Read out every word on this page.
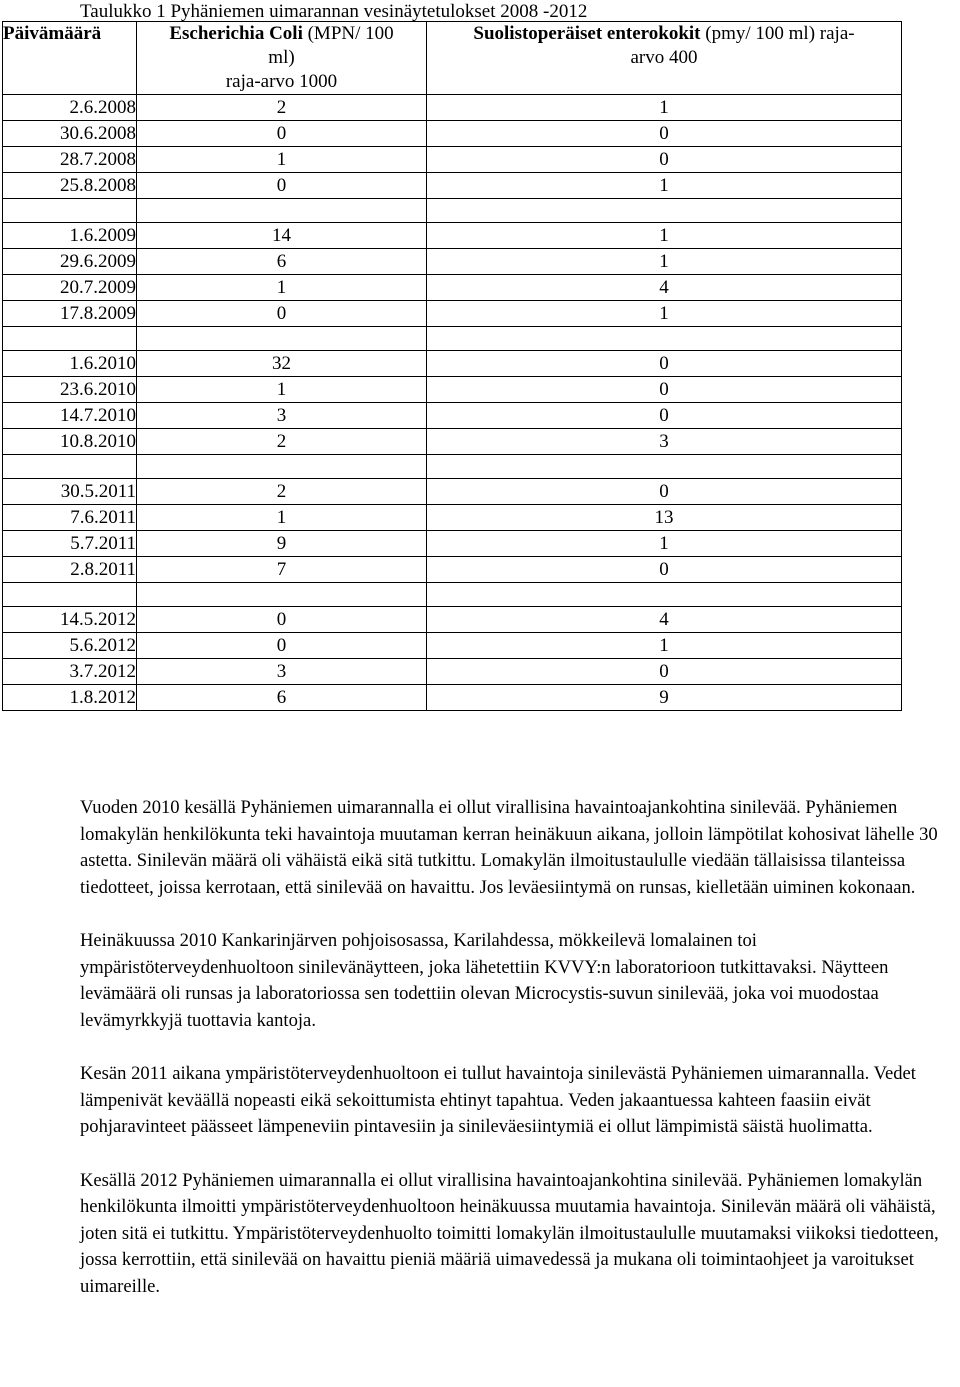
Taulukko 1 Pyhäniemen uimarannan vesinäytetulokset 2008 -2012
Päivämäärä	Escherichia Coli (MPN/ 100
ml)
raja-arvo 1000	Suolistoperäiset enterokokit (pmy/ 100 ml) raja-
arvo 400

2.6.2008	2	1
30.6.2008	0	0
28.7.2008	1	0
25.8.2008	0	1

1.6.2009	14	1
29.6.2009	6	1
20.7.2009	1	4
17.8.2009	0	1

1.6.2010	32	0
23.6.2010	1	0
14.7.2010	3	0
10.8.2010	2	3

30.5.2011	2	0
7.6.2011	1	13
5.7.2011	9	1
2.8.2011	7	0

14.5.2012	0	4
5.6.2012	0	1
3.7.2012	3	0
1.8.2012	6	9

Vuoden 2010 kesällä Pyhäniemen uimarannalla ei ollut virallisina havaintoajankohtina sinilevää. Pyhäniemen lomakylän henkilökunta teki havaintoja muutaman kerran heinäkuun aikana, jolloin lämpötilat kohosivat lähelle 30 astetta. Sinilevän määrä oli vähäistä eikä sitä tutkittu. Lomakylän ilmoitustaululle viedään tällaisissa tilanteissa tiedotteet, joissa kerrotaan, että sinilevää on havaittu. Jos leväesiintymä on runsas, kielletään uiminen kokonaan.

Heinäkuussa 2010 Kankarinjärven pohjoisosassa, Karilahdessa, mökkeilevä lomalainen toi ympäristöterveydenhuoltoon sinilevänäytteen, joka lähetettiin KVVY:n laboratorioon tutkittavaksi. Näytteen levämäärä oli runsas ja laboratoriossa sen todettiin olevan Microcystis-suvun sinilevää, joka voi muodostaa levämyrkkyjä tuottavia kantoja.

Kesän 2011 aikana ympäristöterveydenhuoltoon ei tullut havaintoja sinilevästä Pyhäniemen uimarannalla. Vedet lämpenivät keväällä nopeasti eikä sekoittumista ehtinyt tapahtua. Veden jakaantuessa kahteen faasiin eivät pohjaravinteet päässeet lämpeneviin pintavesiin ja sinileväesiintymiä ei ollut lämpimistä säistä huolimatta.

Kesällä 2012 Pyhäniemen uimarannalla ei ollut virallisina havaintoajankohtina sinilevää. Pyhäniemen lomakylän henkilökunta ilmoitti ympäristöterveydenhuoltoon heinäkuussa muutamia havaintoja. Sinilevän määrä oli vähäistä, joten sitä ei tutkittu. Ympäristöterveydenhuolto toimitti lomakylän ilmoitustaululle muutamaksi viikoksi tiedotteen, jossa kerrottiin, että sinilevää on havaittu pieniä määriä uimavedessä ja mukana oli toimintaohjeet ja varoitukset uimareille.
